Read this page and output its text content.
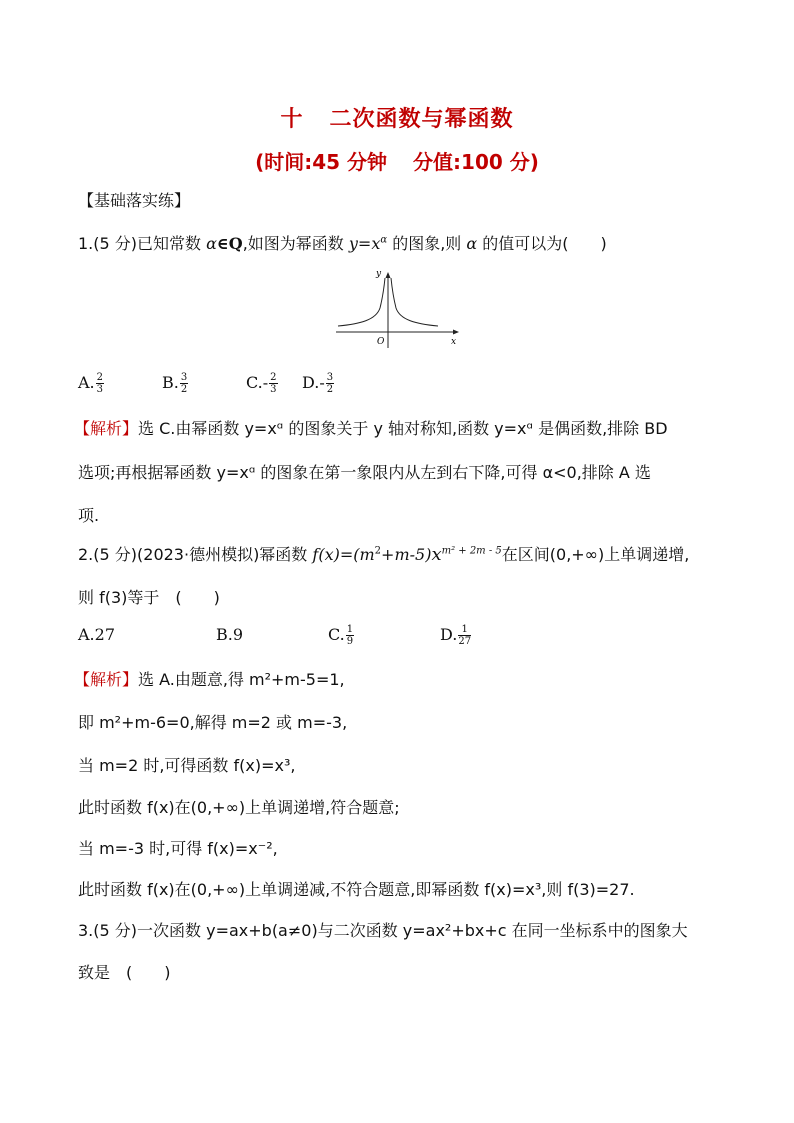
十 二次函数与幂函数
(时间:45 分钟 分值:100 分)
【基础落实练】
1.(5 分)已知常数 α∈Q,如图为幂函数 $y=x^\alpha$ 的图象,则 α 的值可以为(　　)
y
x
O
A. $\frac{2}{3}$	B. $\frac{3}{2}$	$C.- \frac{2}{3} D.- \frac{3}{2}$
【解析】选 C.由幂函数 y=xᵅ 的图象关于 y 轴对称知,函数 y=xᵅ 是偶函数,排除 BD
选项;再根据幂函数 y=xᵅ 的图象在第一象限内从左到右下降,可得 α<0,排除 A 选
项.
2.(5 分)(2023·德州模拟)幂函数 $f(x)=(m^2+m-5)x^{m^2 + 2m - 5}$在区间(0,+∞)上单调递增,
则 f(3)等于　(　　)
A.27	B.9	C. $\frac{1}{9}$	D. $\frac{1}{27}$
【解析】选 A.由题意,得 m²+m-5=1,
即 m²+m-6=0,解得 m=2 或 m=-3,
当 m=2 时,可得函数 f(x)=x³,
此时函数 f(x)在(0,+∞)上单调递增,符合题意;
当 m=-3 时,可得 f(x)=x⁻²,
此时函数 f(x)在(0,+∞)上单调递减,不符合题意,即幂函数 f(x)=x³,则 f(3)=27.
3.(5 分)一次函数 y=ax+b(a≠0)与二次函数 y=ax²+bx+c 在同一坐标系中的图象大
致是　(　　)
